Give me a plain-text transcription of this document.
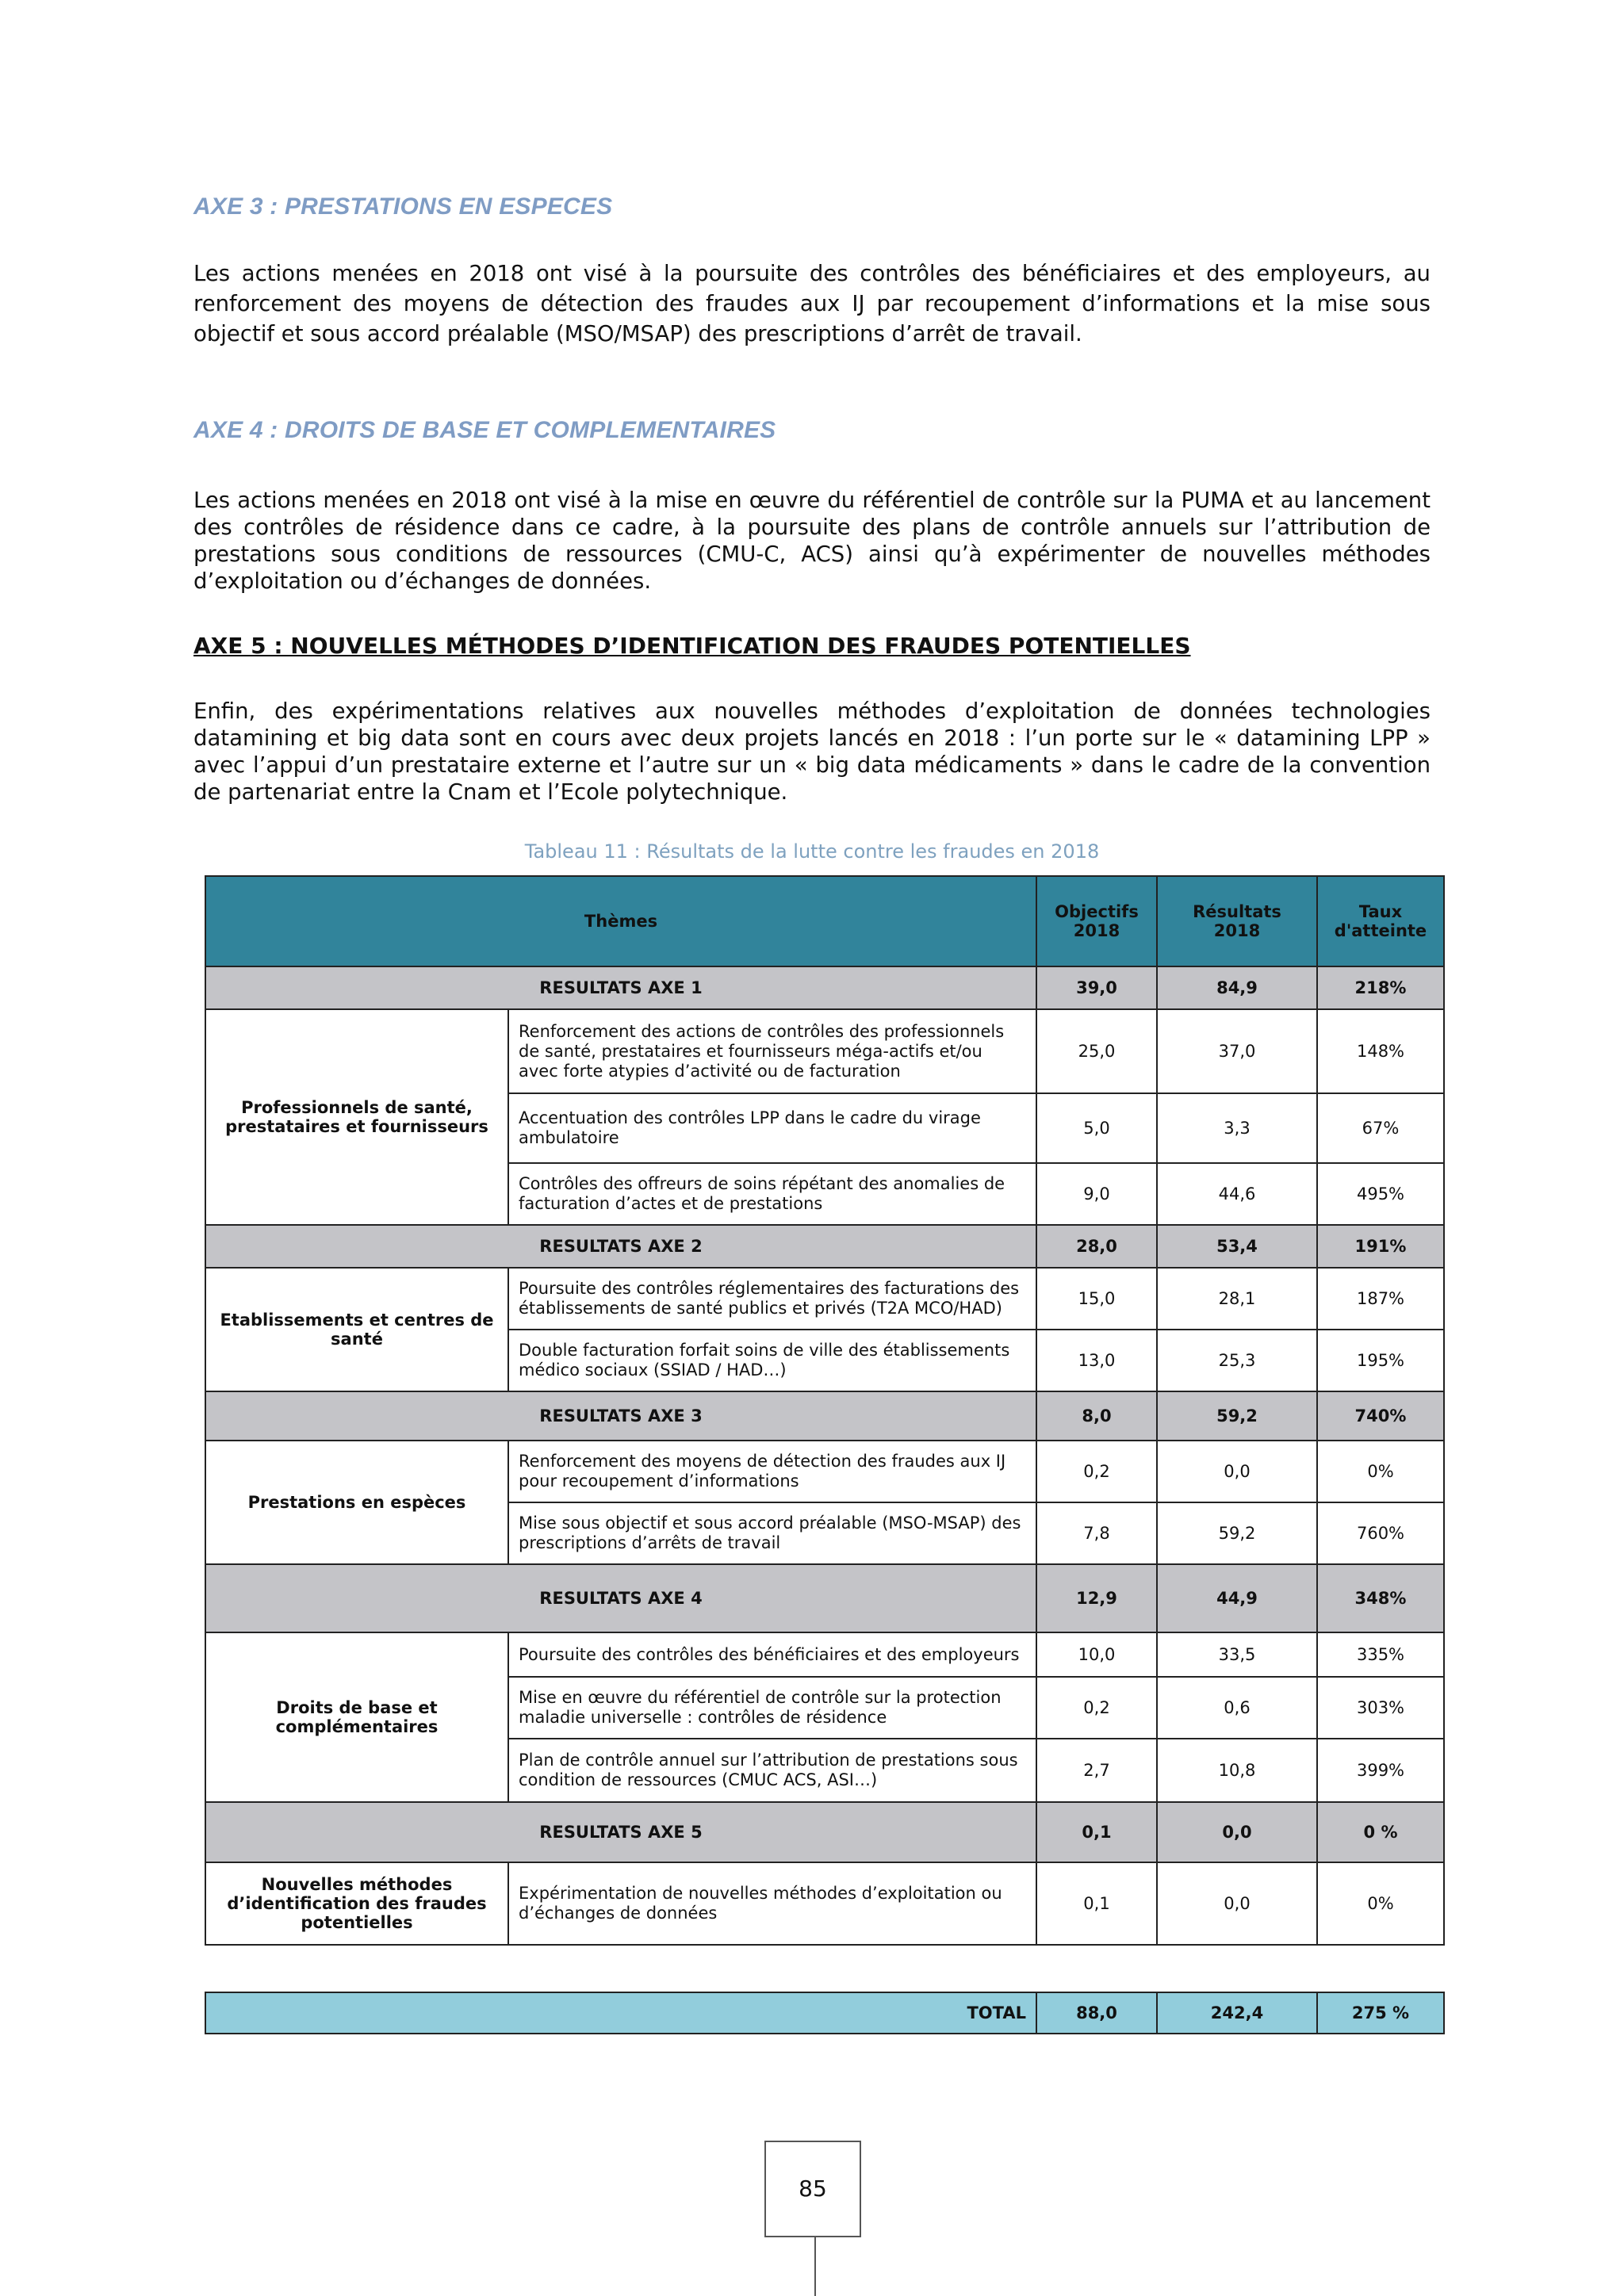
AXE 3 : PRESTATIONS EN ESPECES
Les actions menées en 2018 ont visé à la poursuite des contrôles des bénéficiaires et des employeurs, au renforcement des moyens de détection des fraudes aux IJ par recoupement d’informations et la mise sous objectif et sous accord préalable (MSO/MSAP) des prescriptions d’arrêt de travail.
AXE 4 : DROITS DE BASE ET COMPLEMENTAIRES
Les actions menées en 2018 ont visé à la mise en œuvre du référentiel de contrôle sur la PUMA et au lancement des contrôles de résidence dans ce cadre, à la poursuite des plans de contrôle annuels sur l’attribution de prestations sous conditions de ressources (CMU-C, ACS) ainsi qu’à expérimenter de nouvelles méthodes d’exploitation ou d’échanges de données.
AXE 5 : NOUVELLES MÉTHODES D’IDENTIFICATION DES FRAUDES POTENTIELLES
Enfin, des expérimentations relatives aux nouvelles méthodes d’exploitation de données technologies datamining et big data sont en cours avec deux projets lancés en 2018 : l’un porte sur le « datamining LPP » avec l’appui d’un prestataire externe et l’autre sur un « big data médicaments » dans le cadre de la convention de partenariat entre la Cnam et l’Ecole polytechnique.
Tableau 11 : Résultats de la lutte contre les fraudes en 2018
Thèmes		Objectifs 2018	Résultats 2018	Taux d'atteinte
RESULTATS AXE 1		39,0	84,9	218%
Professionnels de santé, prestataires et fournisseurs	Renforcement des actions de contrôles des professionnels de santé, prestataires et fournisseurs méga-actifs et/ou avec forte atypies d’activité ou de facturation	25,0	37,0	148%
	Accentuation des contrôles LPP dans le cadre du virage ambulatoire	5,0	3,3	67%
	Contrôles des offreurs de soins répétant des anomalies de facturation d’actes et de prestations	9,0	44,6	495%
RESULTATS AXE 2		28,0	53,4	191%
Etablissements et centres de santé	Poursuite des contrôles réglementaires des facturations des établissements de santé publics et privés (T2A MCO/HAD)	15,0	28,1	187%
	Double facturation forfait soins de ville des établissements médico sociaux (SSIAD / HAD…)	13,0	25,3	195%
RESULTATS AXE 3		8,0	59,2	740%
Prestations en espèces	Renforcement des moyens de détection des fraudes aux IJ pour recoupement d’informations	0,2	0,0	0%
	Mise sous objectif et sous accord préalable (MSO-MSAP) des prescriptions d’arrêts de travail	7,8	59,2	760%
RESULTATS AXE 4		12,9	44,9	348%
Droits de base et complémentaires	Poursuite des contrôles des bénéficiaires et des employeurs	10,0	33,5	335%
	Mise en œuvre du référentiel de contrôle sur la protection maladie universelle : contrôles de résidence	0,2	0,6	303%
	Plan de contrôle annuel sur l’attribution de prestations sous condition de ressources (CMUC ACS, ASI…)	2,7	10,8	399%
RESULTATS AXE 5		0,1	0,0	0 %
Nouvelles méthodes d’identification des fraudes potentielles	Expérimentation de nouvelles méthodes d’exploitation ou d’échanges de données	0,1	0,0	0%
TOTAL	88,0	242,4	275 %
85
